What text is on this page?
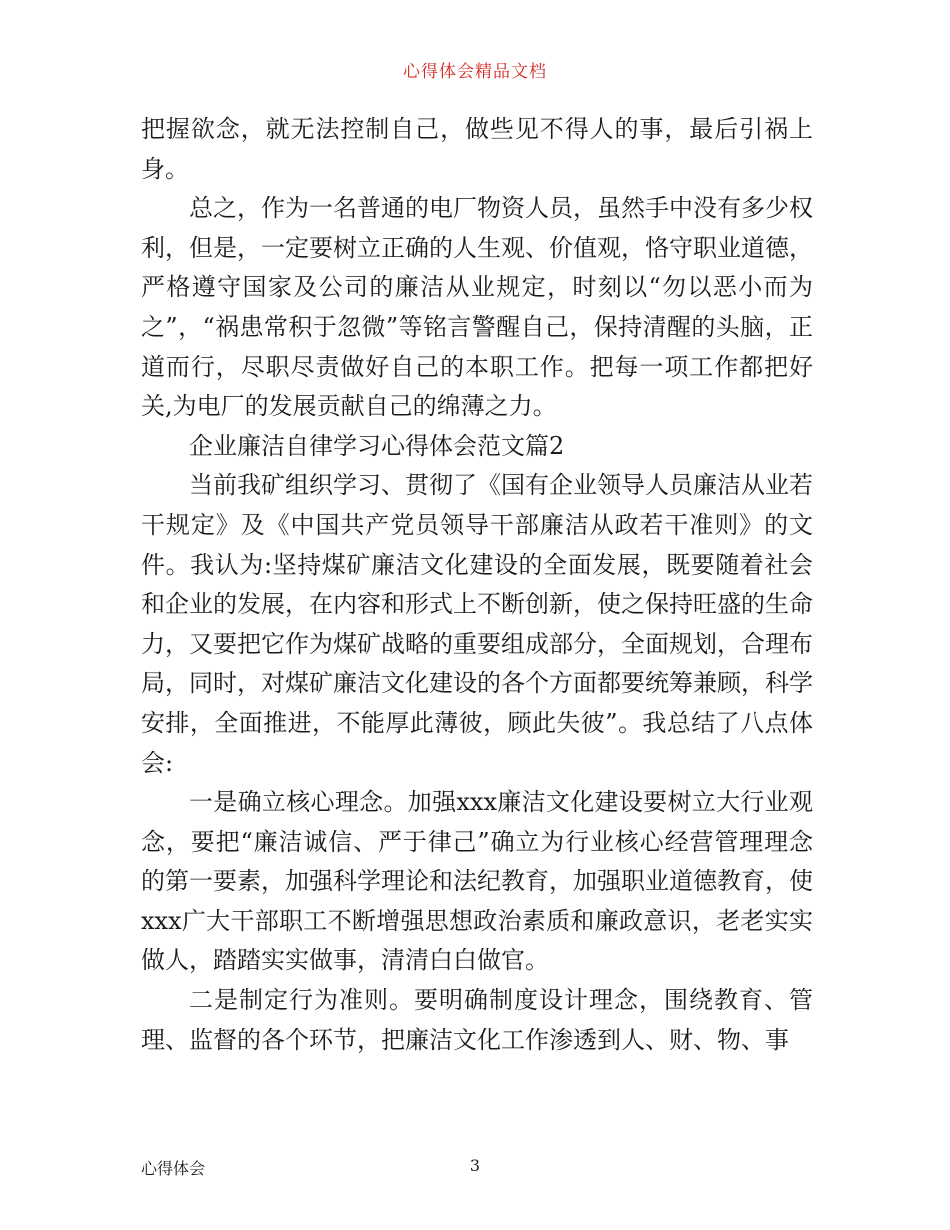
心得体会精品文档

把握欲念，就无法控制自己，做些见不得人的事，最后引祸上身。

总之，作为一名普通的电厂物资人员，虽然手中没有多少权利，但是，一定要树立正确的人生观、价值观，恪守职业道德，严格遵守国家及公司的廉洁从业规定，时刻以“勿以恶小而为之”，“祸患常积于忽微”等铭言警醒自己，保持清醒的头脑，正道而行，尽职尽责做好自己的本职工作。把每一项工作都把好关,为电厂的发展贡献自己的绵薄之力。

企业廉洁自律学习心得体会范文篇2

当前我矿组织学习、贯彻了《国有企业领导人员廉洁从业若干规定》及《中国共产党员领导干部廉洁从政若干准则》的文件。我认为:坚持煤矿廉洁文化建设的全面发展，既要随着社会和企业的发展，在内容和形式上不断创新，使之保持旺盛的生命力，又要把它作为煤矿战略的重要组成部分，全面规划，合理布局，同时，对煤矿廉洁文化建设的各个方面都要统筹兼顾，科学安排，全面推进，不能厚此薄彼，顾此失彼”。我总结了八点体会:

一是确立核心理念。加强xxx廉洁文化建设要树立大行业观念，要把“廉洁诚信、严于律己”确立为行业核心经营管理理念的第一要素，加强科学理论和法纪教育，加强职业道德教育，使xxx广大干部职工不断增强思想政治素质和廉政意识，老老实实做人，踏踏实实做事，清清白白做官。

二是制定行为准则。要明确制度设计理念，围绕教育、管理、监督的各个环节，把廉洁文化工作渗透到人、财、物、事

心得体会	3
